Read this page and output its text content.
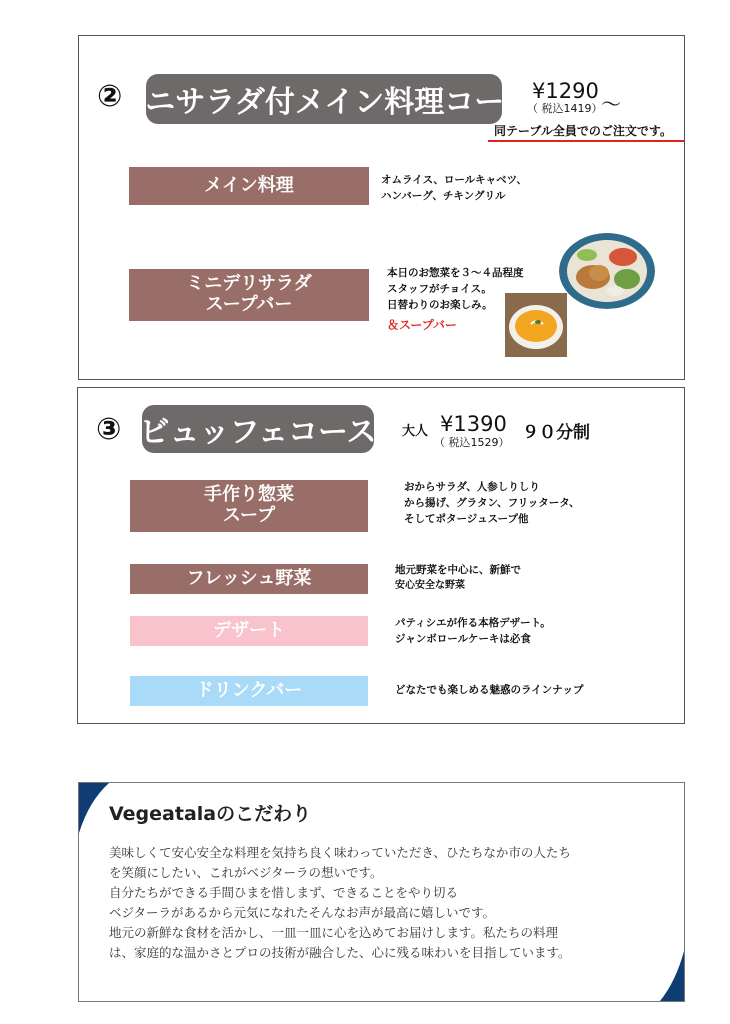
②
ミニサラダ付メイン料理コース ¥1290
～
（ 税込1419）
同テーブル全員でのご注文です。
メイン料理	オムライス、ロールキャベツ、
ハンバーグ、チキングリル
ミニデリサラダ
スープバー
本日のお惣菜を３～４品程度
スタッフがチョイス。
日替わりのお楽しみ。
＆スープバー
③ ビュッフェコース 大人 ¥1390
（ 税込1529） ９０分制
手作り惣菜
スープ
おからサラダ、人参しりしり
から揚げ、グラタン、フリッタータ、
そしてポタージュスープ他
フレッシュ野菜	地元野菜を中心に、新鮮で
安心安全な野菜
デザート	パティシエが作る本格デザート。
ジャンボロールケーキは必食
ドリンクバー	どなたでも楽しめる魅惑のラインナップ
Vegeatalaのこだわり
美味しくて安心安全な料理を気持ち良く味わっていただき、ひたちなか市の人たち
を笑顔にしたい、これがベジターラの想いです。
自分たちができる手間ひまを惜しまず、できることをやり切る
ベジターラがあるから元気になれたそんなお声が最高に嬉しいです。
地元の新鮮な食材を活かし、一皿一皿に心を込めてお届けします。私たちの料理
は、家庭的な温かさとプロの技術が融合した、心に残る味わいを目指しています。
